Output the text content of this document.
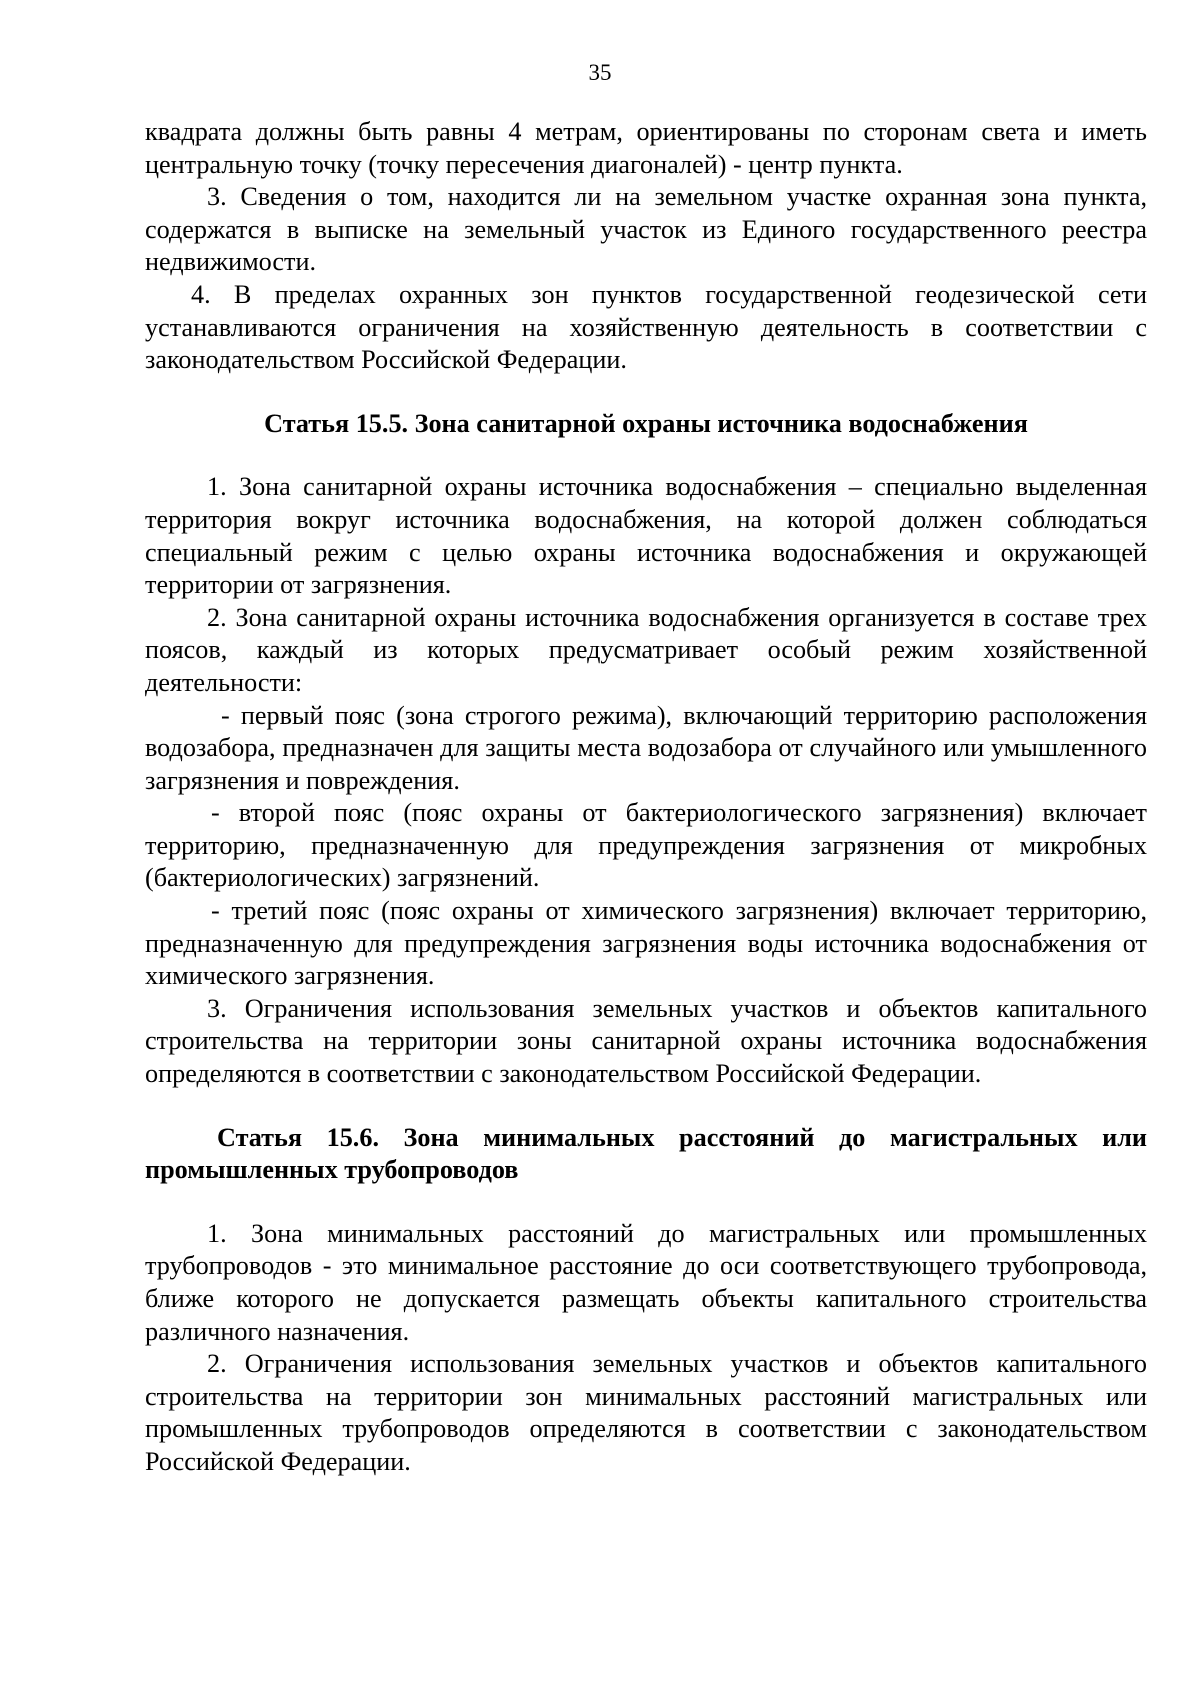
35

квадрата должны быть равны 4 метрам, ориентированы по сторонам света и иметь центральную точку (точку пересечения диагоналей) - центр пункта.

3. Сведения о том, находится ли на земельном участке охранная зона пункта, содержатся в выписке на земельный участок из Единого государственного реестра недвижимости.

4. В пределах охранных зон пунктов государственной геодезической сети устанавливаются ограничения на хозяйственную деятельность в соответствии с законодательством Российской Федерации.

Статья 15.5. Зона санитарной охраны источника водоснабжения

1. Зона санитарной охраны источника водоснабжения – специально выделенная территория вокруг источника водоснабжения, на которой должен соблюдаться специальный режим с целью охраны источника водоснабжения и окружающей территории от загрязнения.

2. Зона санитарной охраны источника водоснабжения организуется в составе трех поясов, каждый из которых предусматривает особый режим хозяйственной деятельности:

- первый пояс (зона строгого режима), включающий территорию расположения водозабора, предназначен для защиты места водозабора от случайного или умышленного загрязнения и повреждения.

- второй пояс (пояс охраны от бактериологического загрязнения) включает территорию, предназначенную для предупреждения загрязнения от микробных (бактериологических) загрязнений.

- третий пояс (пояс охраны от химического загрязнения) включает территорию, предназначенную для предупреждения загрязнения воды источника водоснабжения от химического загрязнения.

3. Ограничения использования земельных участков и объектов капитального строительства на территории зоны санитарной охраны источника водоснабжения определяются в соответствии с законодательством Российской Федерации.

Статья 15.6. Зона минимальных расстояний до магистральных или промышленных трубопроводов

1. Зона минимальных расстояний до магистральных или промышленных трубопроводов - это минимальное расстояние до оси соответствующего трубопровода, ближе которого не допускается размещать объекты капитального строительства различного назначения.

2. Ограничения использования земельных участков и объектов капитального строительства на территории зон минимальных расстояний магистральных или промышленных трубопроводов определяются в соответствии с законодательством Российской Федерации.
